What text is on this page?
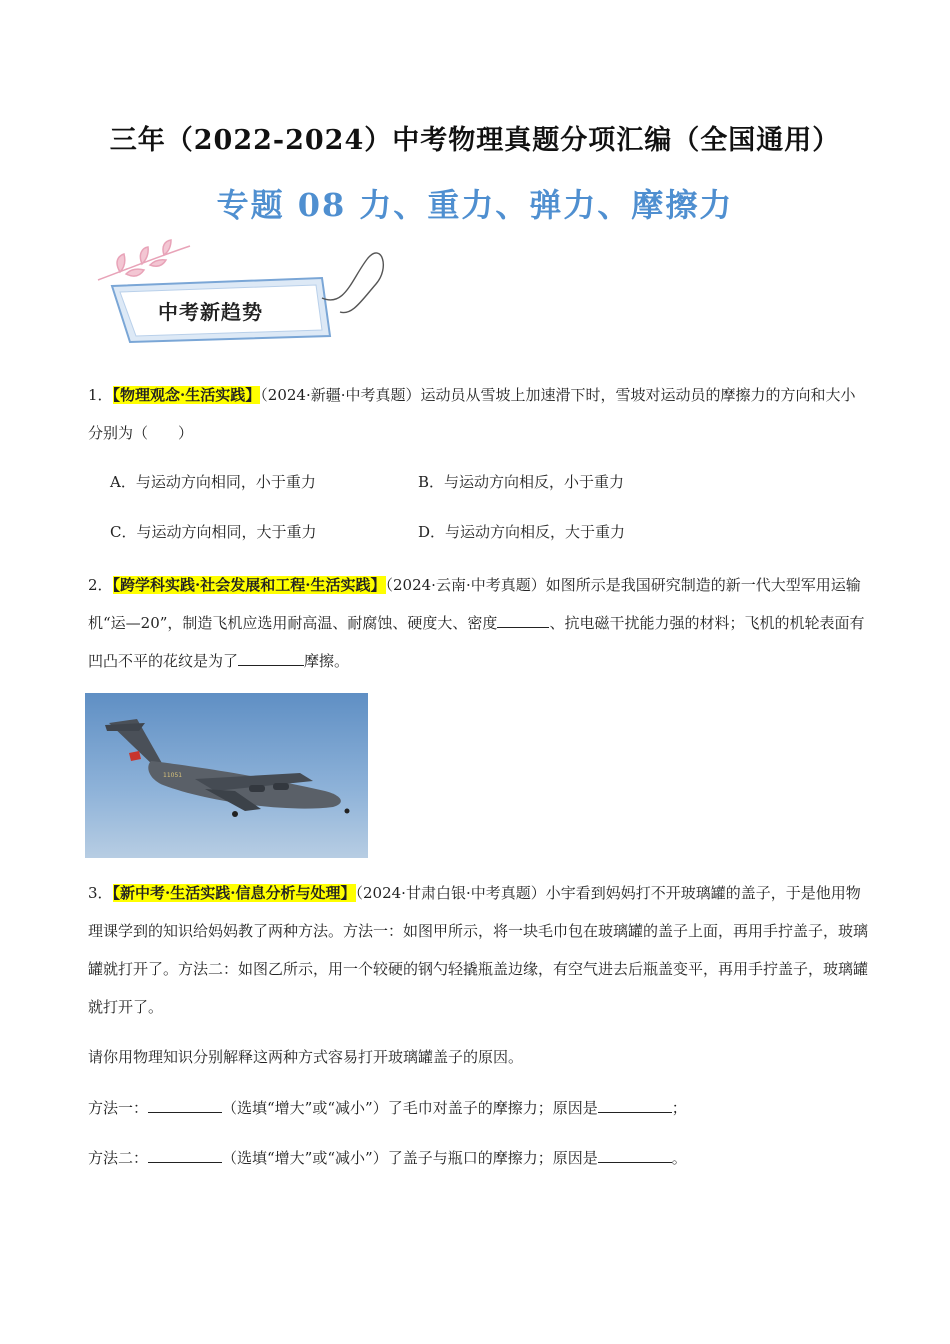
三年（2022-2024）中考物理真题分项汇编（全国通用）
专题 08 力、重力、弹力、摩擦力
中考新趋势
1．【物理观念·生活实践】（2024·新疆·中考真题）运动员从雪坡上加速滑下时，雪坡对运动员的摩擦力的方向和大小分别为（　　）
A．与运动方向相同，小于重力	B．与运动方向相反，小于重力
C．与运动方向相同，大于重力	D．与运动方向相反，大于重力
2．【跨学科实践·社会发展和工程·生活实践】（2024·云南·中考真题）如图所示是我国研究制造的新一代大型军用运输机“运—20”，制造飞机应选用耐高温、耐腐蚀、硬度大、密度	、抗电磁干扰能力强的材料；飞机的机轮表面有凹凸不平的花纹是为了	摩擦。
11051
3．【新中考·生活实践·信息分析与处理】（2024·甘肃白银·中考真题）小宇看到妈妈打不开玻璃罐的盖子，于是他用物理课学到的知识给妈妈教了两种方法。方法一：如图甲所示，将一块毛巾包在玻璃罐的盖子上面，再用手拧盖子，玻璃罐就打开了。方法二：如图乙所示，用一个较硬的钢勺轻撬瓶盖边缘，有空气进去后瓶盖变平，再用手拧盖子，玻璃罐就打开了。
请你用物理知识分别解释这两种方式容易打开玻璃罐盖子的原因。
方法一：	（选填“增大”或“减小”）了毛巾对盖子的摩擦力；原因是	；
方法二：	（选填“增大”或“减小”）了盖子与瓶口的摩擦力；原因是	。
